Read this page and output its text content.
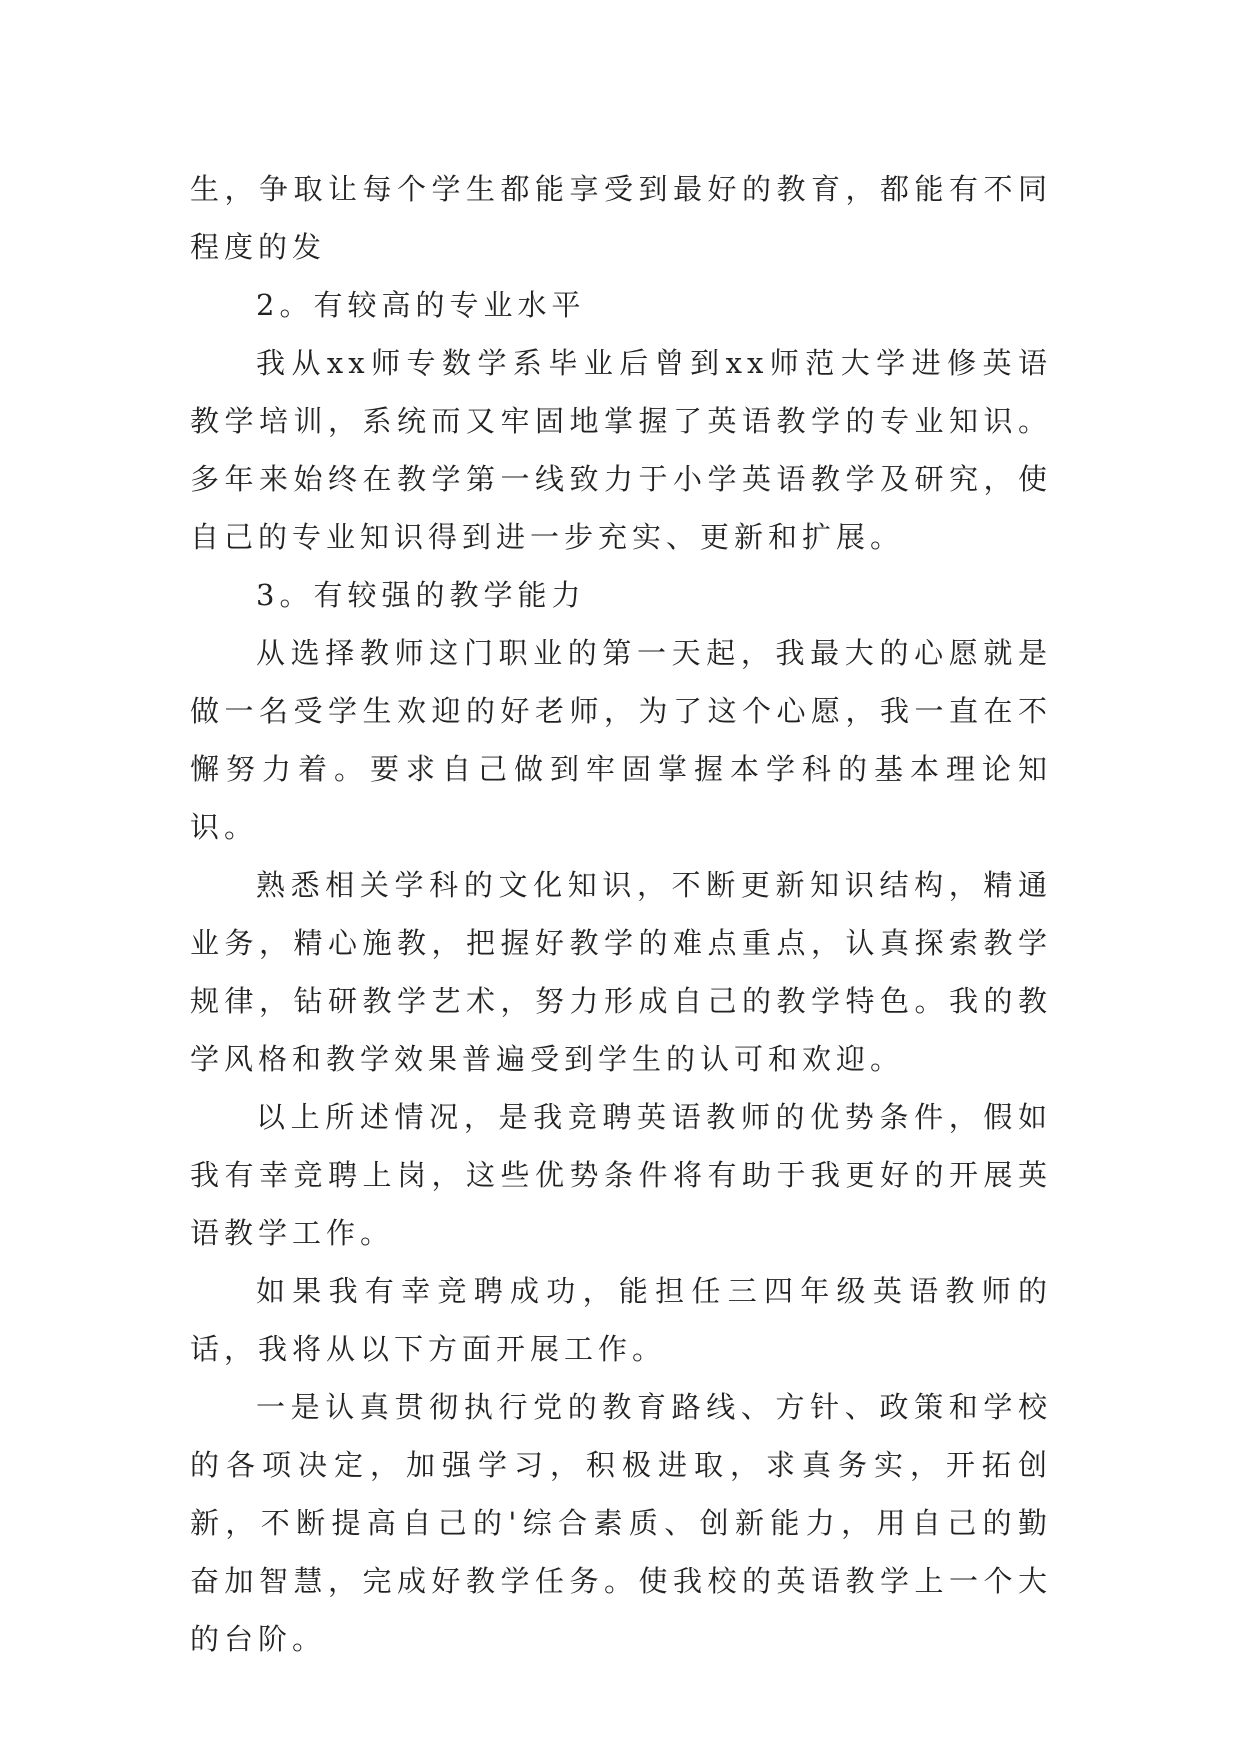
生，争取让每个学生都能享受到最好的教育，都能有不同程度的发

2。有较高的专业水平

我从xx师专数学系毕业后曾到xx师范大学进修英语教学培训，系统而又牢固地掌握了英语教学的专业知识。多年来始终在教学第一线致力于小学英语教学及研究，使自己的专业知识得到进一步充实、更新和扩展。

3。有较强的教学能力

从选择教师这门职业的第一天起，我最大的心愿就是做一名受学生欢迎的好老师，为了这个心愿，我一直在不懈努力着。要求自己做到牢固掌握本学科的基本理论知识。

熟悉相关学科的文化知识，不断更新知识结构，精通业务，精心施教，把握好教学的难点重点，认真探索教学规律，钻研教学艺术，努力形成自己的教学特色。我的教学风格和教学效果普遍受到学生的认可和欢迎。

以上所述情况，是我竞聘英语教师的优势条件，假如我有幸竞聘上岗，这些优势条件将有助于我更好的开展英语教学工作。

如果我有幸竞聘成功，能担任三四年级英语教师的话，我将从以下方面开展工作。

一是认真贯彻执行党的教育路线、方针、政策和学校的各项决定，加强学习，积极进取，求真务实，开拓创新，不断提高自己的'综合素质、创新能力，用自己的勤奋加智慧，完成好教学任务。使我校的英语教学上一个大的台阶。
